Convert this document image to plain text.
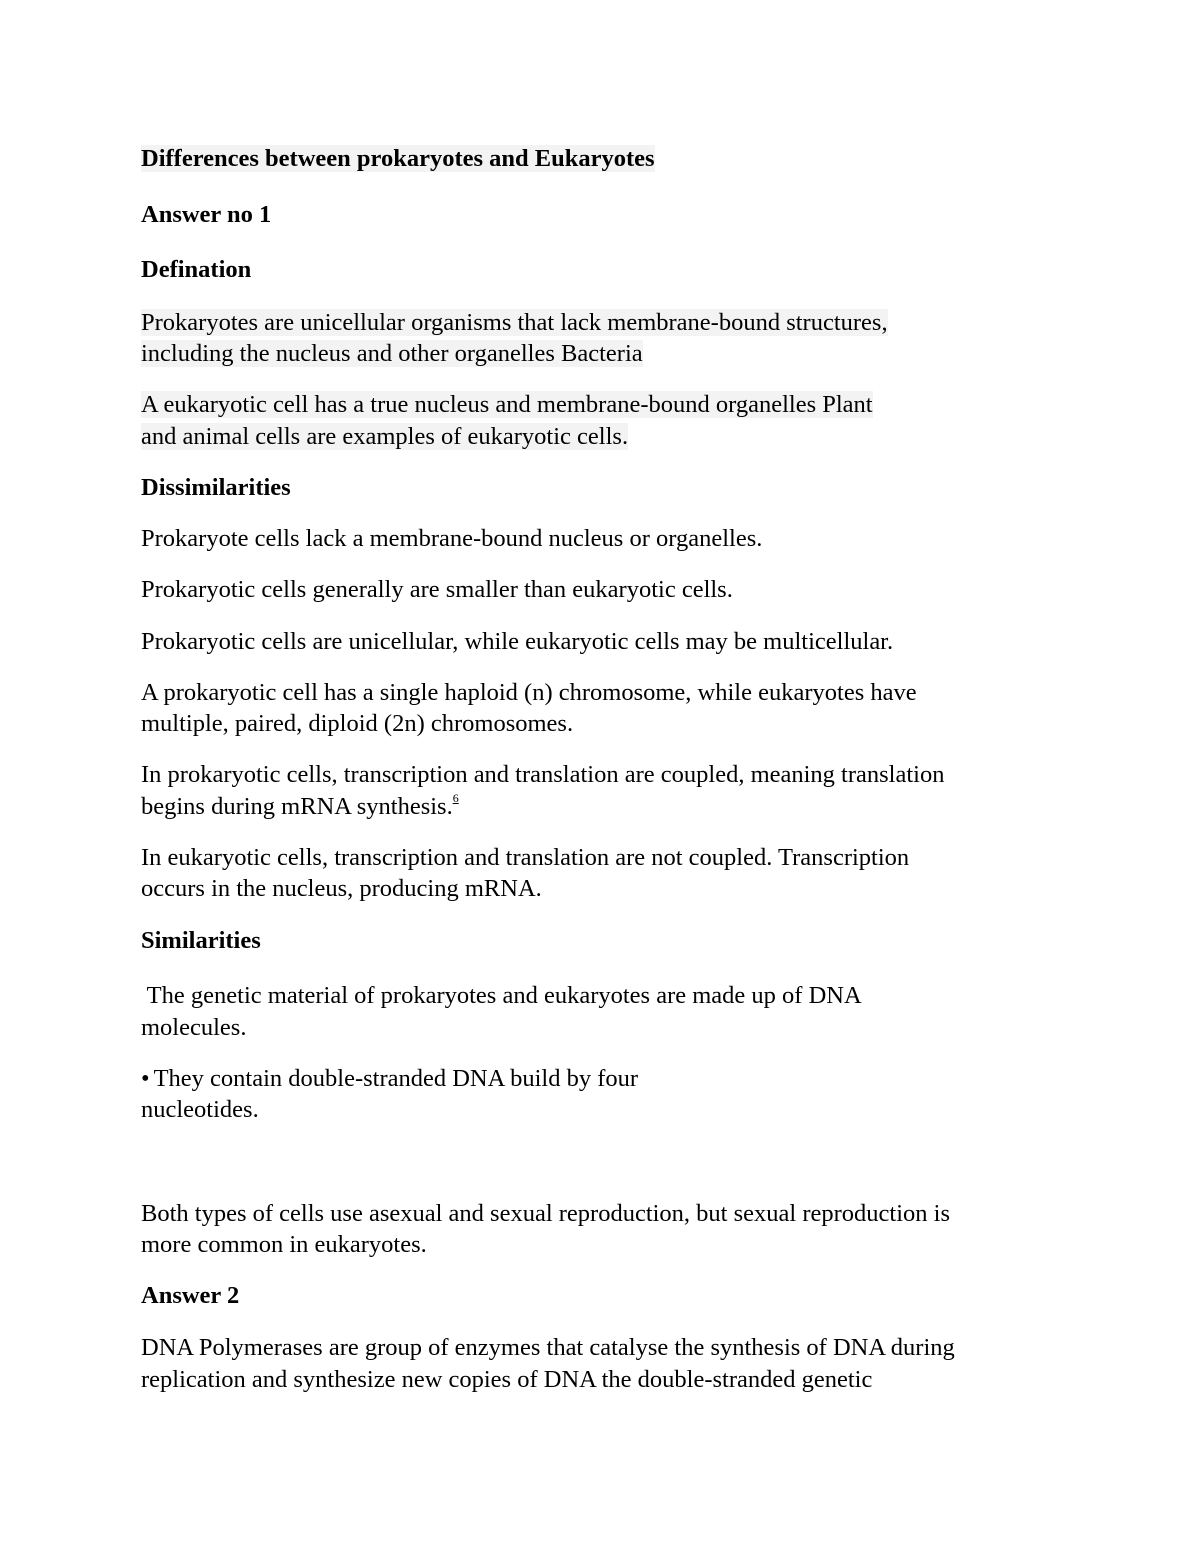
Differences between prokaryotes and Eukaryotes
Answer no 1
Defination
Prokaryotes are unicellular organisms that lack membrane-bound structures,
including the nucleus and other organelles Bacteria
A eukaryotic cell has a true nucleus and membrane-bound organelles Plant
and animal cells are examples of eukaryotic cells.
Dissimilarities
Prokaryote cells lack a membrane-bound nucleus or organelles.
Prokaryotic cells generally are smaller than eukaryotic cells.
Prokaryotic cells are unicellular, while eukaryotic cells may be multicellular.
A prokaryotic cell has a single haploid (n) chromosome, while eukaryotes have
multiple, paired, diploid (2n) chromosomes.
In prokaryotic cells, transcription and translation are coupled, meaning translation
begins during mRNA synthesis.$^6$
In eukaryotic cells, transcription and translation are not coupled. Transcription
occurs in the nucleus, producing mRNA.
Similarities
The genetic material of prokaryotes and eukaryotes are made up of DNA
molecules.
• They contain double-stranded DNA build by four
nucleotides.
Both types of cells use asexual and sexual reproduction, but sexual reproduction is
more common in eukaryotes.
Answer 2
DNA Polymerases are group of enzymes that catalyse the synthesis of DNA during
replication and synthesize new copies of DNA the double-stranded genetic
